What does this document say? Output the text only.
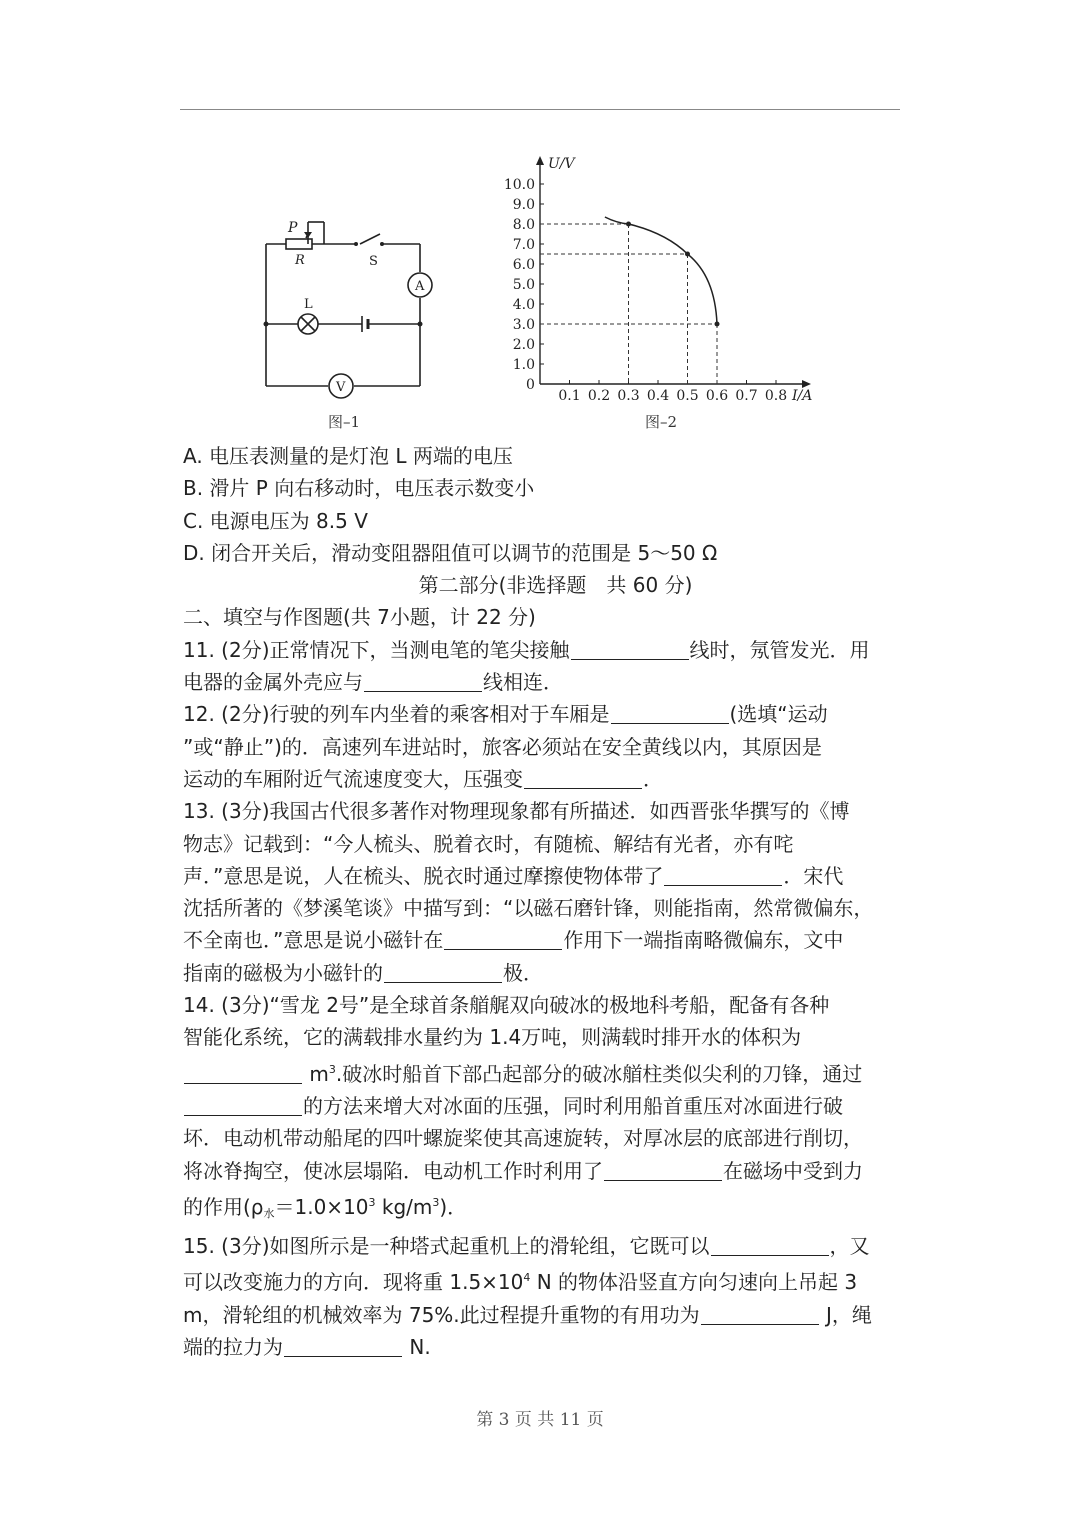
P
R	S
A
L
V
图–1
U/V
I/A
0
10.0
9.0
8.0
7.0
6.0
5.0
4.0
3.0
2.0
1.0
0.1 0.2 0.3 0.4 0.5 0.6 0.7 0.8
图–2

A. 电压表测量的是灯泡 L 两端的电压

B. 滑片 P 向右移动时，电压表示数变小

C. 电源电压为 8.5 V

D. 闭合开关后，滑动变阻器阻值可以调节的范围是 5～50 Ω

第二部分(非选择题　共 60 分)

二、填空与作图题(共 7小题，计 22 分)

11. (2分)正常情况下，当测电笔的笔尖接触	线时，氖管发光．用

电器的金属外壳应与	线相连．

12. (2分)行驶的列车内坐着的乘客相对于车厢是	(选填“运动

”或“静止”)的．高速列车进站时，旅客必须站在安全黄线以内，其原因是

运动的车厢附近气流速度变大，压强变	．

13. (3分)我国古代很多著作对物理现象都有所描述．如西晋张华撰写的《博

物志》记载到：“今人梳头、脱着衣时，有随梳、解结有光者，亦有咤

声．”意思是说，人在梳头、脱衣时通过摩擦使物体带了	．宋代

沈括所著的《梦溪笔谈》中描写到：“以磁石磨针锋，则能指南，然常微偏东，

不全南也．”意思是说小磁针在	作用下一端指南略微偏东，文中

指南的磁极为小磁针的	极．

14. (3分)“雪龙 2号”是全球首条艏艉双向破冰的极地科考船，配备有各种

智能化系统，它的满载排水量约为 1.4万吨，则满载时排开水的体积为

$m^3$.破冰时船首下部凸起部分的破冰艏柱类似尖利的刀锋，通过

的方法来增大对冰面的压强，同时利用船首重压对冰面进行破

坏．电动机带动船尾的四叶螺旋桨使其高速旋转，对厚冰层的底部进行削切，

将冰脊掏空，使冰层塌陷．电动机工作时利用了	在磁场中受到力

的作用($\rho_水=1.0\times 10^3$ $kg/m^3$)．

15. (3分)如图所示是一种塔式起重机上的滑轮组，它既可以	，又

可以改变施力的方向．现将重 $1.5\times 10^4$ N 的物体沿竖直方向匀速向上吊起 3

m，滑轮组的机械效率为 75%.此过程提升重物的有用功为	J，绳

端的拉力为	N.

第 3 页 共 11 页
